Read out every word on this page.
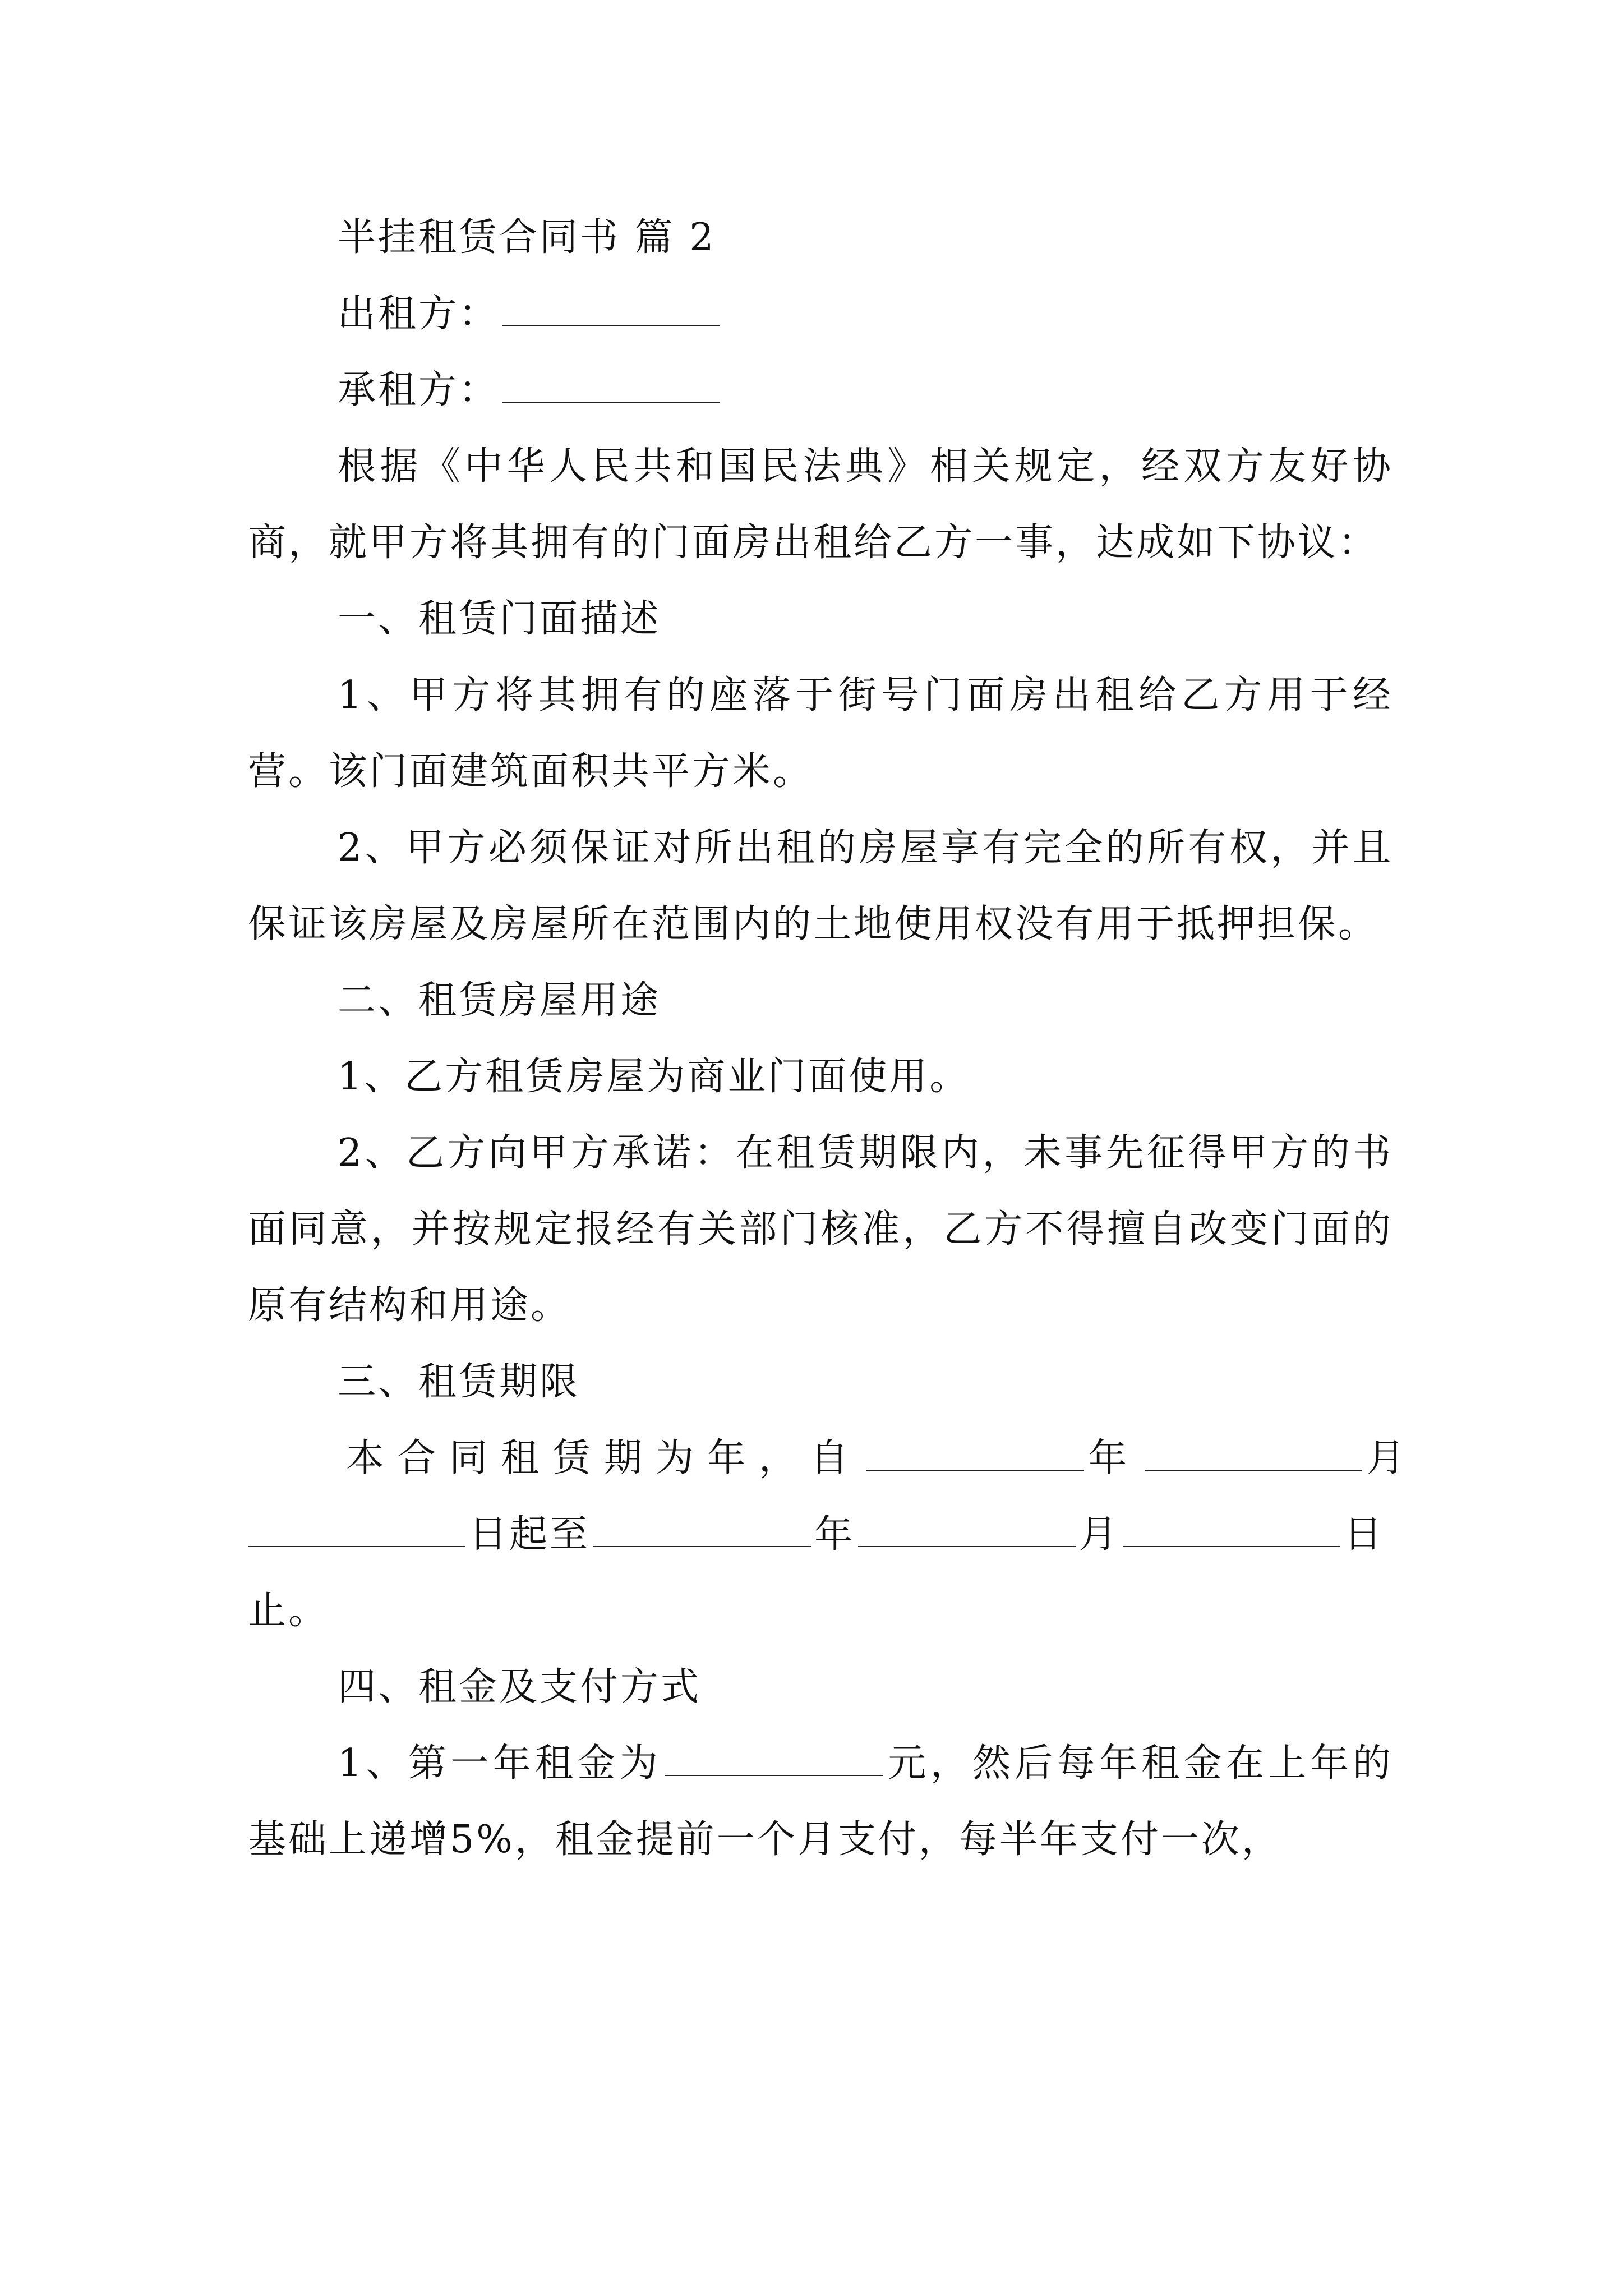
半挂租赁合同书 篇 2

出租方：

承租方：

根据《中华人民共和国民法典》相关规定，经双方友好协商，就甲方将其拥有的门面房出租给乙方一事，达成如下协议：

一、租赁门面描述

1、甲方将其拥有的座落于街号门面房出租给乙方用于经营。该门面建筑面积共平方米。

2、甲方必须保证对所出租的房屋享有完全的所有权，并且保证该房屋及房屋所在范围内的土地使用权没有用于抵押担保。

二、租赁房屋用途

1、乙方租赁房屋为商业门面使用。

2、乙方向甲方承诺：在租赁期限内，未事先征得甲方的书面同意，并按规定报经有关部门核准，乙方不得擅自改变门面的原有结构和用途。

三、租赁期限

本合同租赁期为年，自	年	月

日起至	年	月	日

止。

四、租金及支付方式

1、第一年租金为	元，然后每年租金在上年的基础上递增5%，租金提前一个月支付，每半年支付一次，
